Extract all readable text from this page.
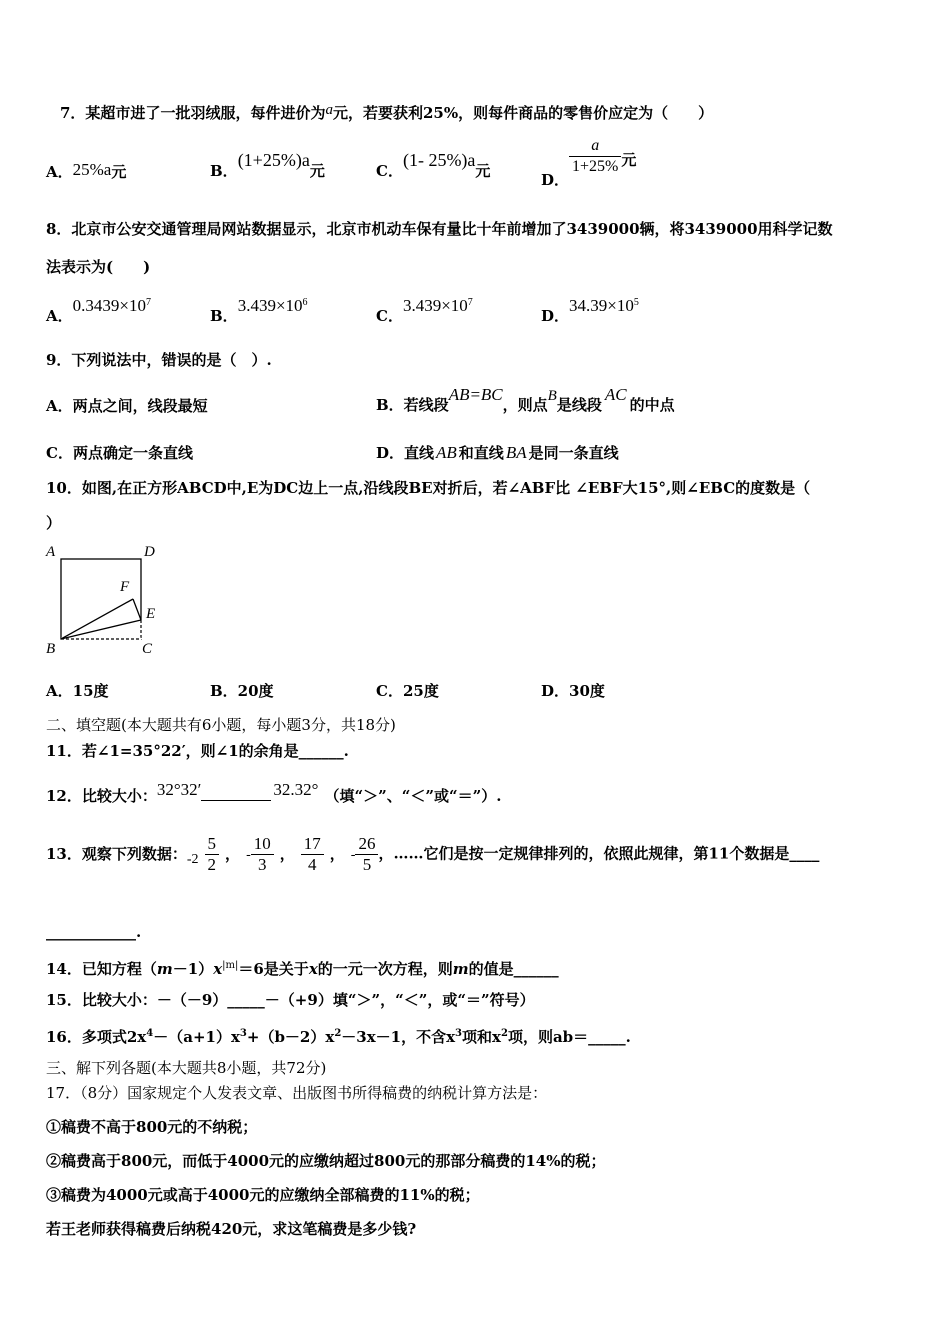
7．某超市进了一批羽绒服，每件进价为a元，若要获利25%，则每件商品的零售价应定为（　　）
A．25%a元	B．(1+25%)a元	C．(1- 25%)a元	D．
$\frac{a}{1+25\%}$ 元
8．北京市公安交通管理局网站数据显示，北京市机动车保有量比十年前增加了3439000辆，将3439000用科学记数
法表示为(　　)
A．$0.3439\times 10^7$
B．$3.439\times 10^6$
C．$3.439\times 10^7$
D．$34.39\times 10^5$
9．下列说法中，错误的是（　）.
A．两点之间，线段最短	B．若线段AB=BC，则点B是线段AC的中点
C．两点确定一条直线	D．直线 AB 和直线 BA 是同一条直线
10．如图,在正方形ABCD中,E为DC边上一点,沿线段BE对折后，若∠ABF比 ∠EBF大15°,则∠EBC的度数是（
）
A	D
F
E
B	C
A．15度	B．20度	C．25度	D．30度
二、填空题(本大题共有6小题，每小题3分，共18分)
11．若∠1=35°22′，则∠1的余角是______.
12．比较大小：32°32′	32.32° （填“＞”、“＜”或“＝”）.
13．观察下列数据：$-2 \frac{5}{2}$ ， - $\frac{10}{3}$ ， $\frac{17}{4}$ ， - $\frac{26}{5}$ ，……它们是按一定规律排列的，依照此规律，第11个数据是____
____________.
14．已知方程$(m-1)x^{|m|}=6$是关于x的一元一次方程，则m的值是______
15．比较大小：－（－9）_____－（+9）填“＞”，“＜”，或“＝”符号）
16．多项式$2x^4-(a+1)x^3+(b-2)x^2-3x-1$，不含$x^3$项和$x^2$项，则ab＝_____.
三、解下列各题(本大题共8小题，共72分)
17．（8分）国家规定个人发表文章、出版图书所得稿费的纳税计算方法是：
①稿费不高于800元的不纳税；
②稿费高于800元，而低于4000元的应缴纳超过800元的那部分稿费的14%的税；
③稿费为4000元或高于4000元的应缴纳全部稿费的11%的税；
若王老师获得稿费后纳税420元，求这笔稿费是多少钱?
